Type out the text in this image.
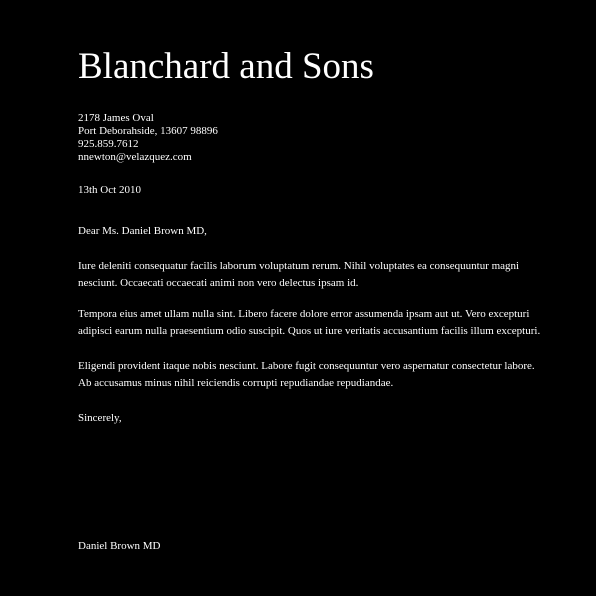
Blanchard and Sons
2178 James Oval
Port Deborahside, 13607 98896
925.859.7612
nnewton@velazquez.com
13th Oct 2010
Dear Ms. Daniel Brown MD,

Iure deleniti consequatur facilis laborum voluptatum rerum. Nihil voluptates ea consequuntur magni nesciunt. Occaecati occaecati animi non vero delectus ipsam id.

Tempora eius amet ullam nulla sint. Libero facere dolore error assumenda ipsam aut ut. Vero excepturi adipisci earum nulla praesentium odio suscipit. Quos ut iure veritatis accusantium facilis illum excepturi.

Eligendi provident itaque nobis nesciunt. Labore fugit consequuntur vero aspernatur consectetur labore. Ab accusamus minus nihil reiciendis corrupti repudiandae repudiandae.

Sincerely,
Daniel Brown MD
